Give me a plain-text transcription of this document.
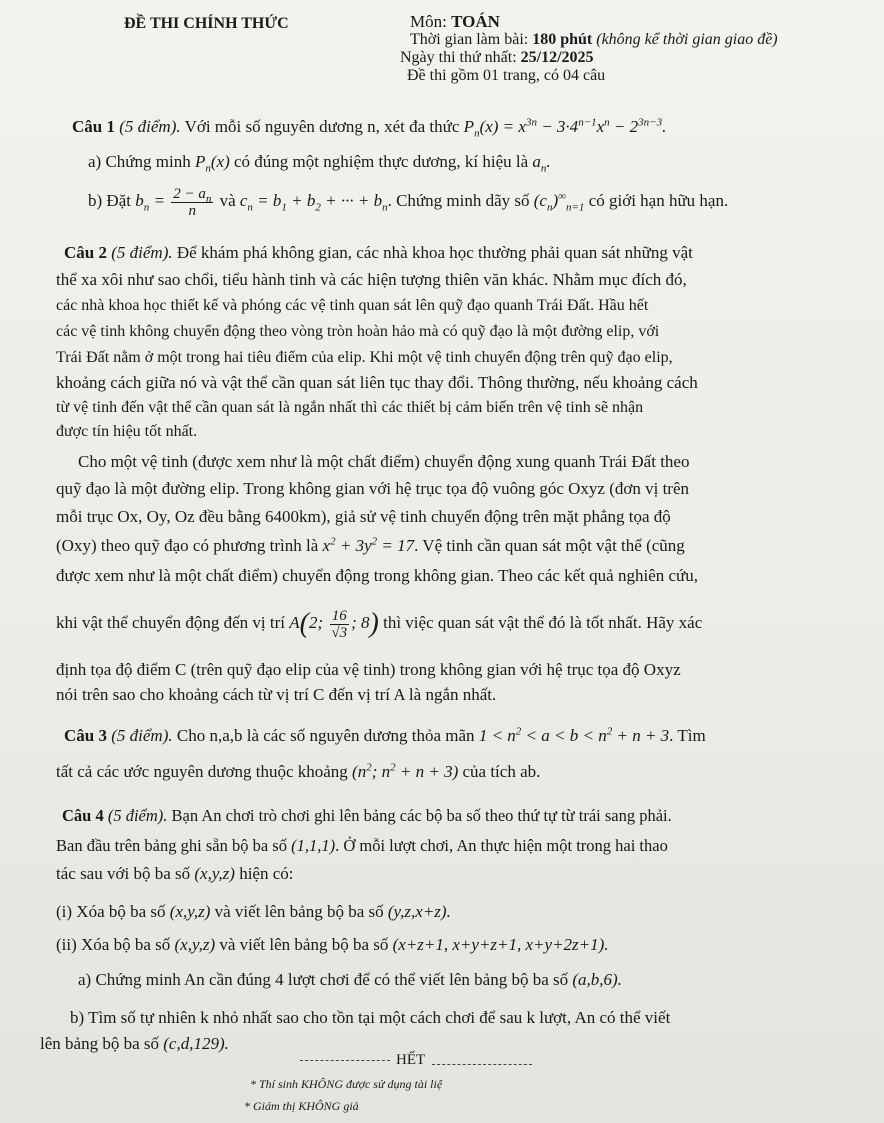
ĐỀ THI CHÍNH THỨC	Môn: TOÁN
Thời gian làm bài: 180 phút (không kể thời gian giao đề)
Ngày thi thứ nhất: 25/12/2025
Đề thi gồm 01 trang, có 04 câu
Câu 1 (5 điểm). Với mỗi số nguyên dương n, xét đa thức $P_n(x) = x^{3n} - 3\cdot 4^{n-1}x^n - 2^{3n-3}$.
a) Chứng minh $P_n(x)$ có đúng một nghiệm thực dương, kí hiệu là $a_n$.
b) Đặt $b_n = \frac{2 - a_n}{n}$ và $c_n = b_1 + b_2$ + ··· + $b_n$. Chứng minh dãy số $(c_n)^\infty_{n=1}$ có giới hạn hữu hạn.
Câu 2 (5 điểm). Để khám phá không gian, các nhà khoa học thường phải quan sát những vật
thể xa xôi như sao chổi, tiểu hành tinh và các hiện tượng thiên văn khác. Nhằm mục đích đó,
các nhà khoa học thiết kế và phóng các vệ tinh quan sát lên quỹ đạo quanh Trái Đất. Hầu hết
các vệ tinh không chuyển động theo vòng tròn hoàn hảo mà có quỹ đạo là một đường elip, với
Trái Đất nằm ở một trong hai tiêu điểm của elip. Khi một vệ tinh chuyển động trên quỹ đạo elip,
khoảng cách giữa nó và vật thể cần quan sát liên tục thay đổi. Thông thường, nếu khoảng cách
từ vệ tinh đến vật thể cần quan sát là ngắn nhất thì các thiết bị cảm biến trên vệ tinh sẽ nhận
được tín hiệu tốt nhất.
Cho một vệ tinh (được xem như là một chất điểm) chuyển động xung quanh Trái Đất theo
quỹ đạo là một đường elip. Trong không gian với hệ trục tọa độ vuông góc Oxyz (đơn vị trên
mỗi trục Ox, Oy, Oz đều bằng 6400km), giả sử vệ tinh chuyển động trên mặt phẳng tọa độ
(Oxy) theo quỹ đạo có phương trình là $x^2 + 3y^2 = 17$. Vệ tinh cần quan sát một vật thể (cũng
được xem như là một chất điểm) chuyển động trong không gian. Theo các kết quả nghiên cứu,
khi vật thể chuyển động đến vị trí A(2; $\frac{16}{√3}$ ; 8) thì việc quan sát vật thể đó là tốt nhất. Hãy xác
định tọa độ điểm C (trên quỹ đạo elip của vệ tinh) trong không gian với hệ trục tọa độ Oxyz
nói trên sao cho khoảng cách từ vị trí C đến vị trí A là ngắn nhất.
Câu 3 (5 điểm). Cho n,a,b là các số nguyên dương thỏa mãn $1 < n^2 < a < b < n^2 + n + 3$. Tìm
tất cả các ước nguyên dương thuộc khoảng ($n^2$; $n^2 + n + 3$) của tích ab.
Câu 4 (5 điểm). Bạn An chơi trò chơi ghi lên bảng các bộ ba số theo thứ tự từ trái sang phải.
Ban đầu trên bảng ghi sẵn bộ ba số (1,1,1). Ở mỗi lượt chơi, An thực hiện một trong hai thao
tác sau với bộ ba số (x,y,z) hiện có:
(i) Xóa bộ ba số (x,y,z) và viết lên bảng bộ ba số (y,z,x+z).
(ii) Xóa bộ ba số (x,y,z) và viết lên bảng bộ ba số (x+z+1, x+y+z+1, x+y+2z+1).
a) Chứng minh An cần đúng 4 lượt chơi để có thể viết lên bảng bộ ba số (a,b,6).
b) Tìm số tự nhiên k nhỏ nhất sao cho tồn tại một cách chơi để sau k lượt, An có thể viết
lên bảng bộ ba số (c,d,129).
HẾT
* Thí sinh KHÔNG được sử dụng tài liệ
* Giám thị KHÔNG giả
